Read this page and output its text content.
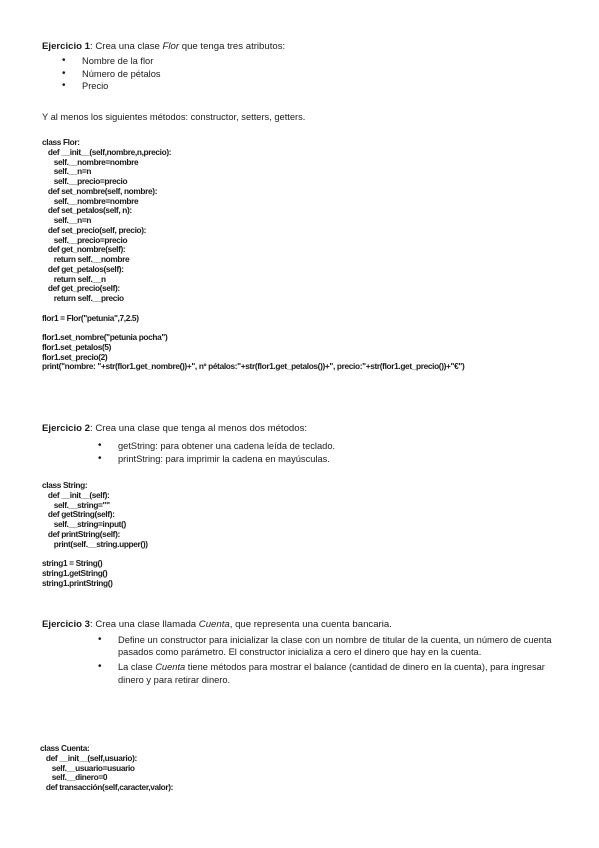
Ejercicio 1: Crea una clase Flor que tenga tres atributos:
• Nombre de la flor
• Número de pétalos
• Precio
Y al menos los siguientes métodos: constructor, setters, getters.
class Flor:
def __init__(self,nombre,n,precio):
self.__nombre=nombre
self.__n=n
self.__precio=precio
def set_nombre(self, nombre):
self.__nombre=nombre
def set_petalos(self, n):
self.__n=n
def set_precio(self, precio):
self.__precio=precio
def get_nombre(self):
return self.__nombre
def get_petalos(self):
return self.__n
def get_precio(self):
return self.__precio
flor1 = Flor("petunia",7,2.5)
flor1.set_nombre("petunia pocha")
flor1.set_petalos(5)
flor1.set_precio(2)
print("nombre: "+str(flor1.get_nombre())+", nº pétalos:"+str(flor1.get_petalos())+", precio:"+str(flor1.get_precio())+"€")
Ejercicio 2: Crea una clase que tenga al menos dos métodos:
• getString: para obtener una cadena leída de teclado.
• printString: para imprimir la cadena en mayúsculas.
class String:
def __init__(self):
self.__string=""
def getString(self):
self.__string=input()
def printString(self):
print(self.__string.upper())
string1 = String()
string1.getString()
string1.printString()
Ejercicio 3: Crea una clase llamada Cuenta, que representa una cuenta bancaria.
• Define un constructor para inicializar la clase con un nombre de titular de la cuenta, un número de cuenta pasados como parámetro. El constructor inicializa a cero el dinero que hay en la cuenta.
• La clase Cuenta tiene métodos para mostrar el balance (cantidad de dinero en la cuenta), para ingresar dinero y para retirar dinero.
class Cuenta:
def __init__(self,usuario):
self.__usuario=usuario
self.__dinero=0
def transacción(self,caracter,valor):
